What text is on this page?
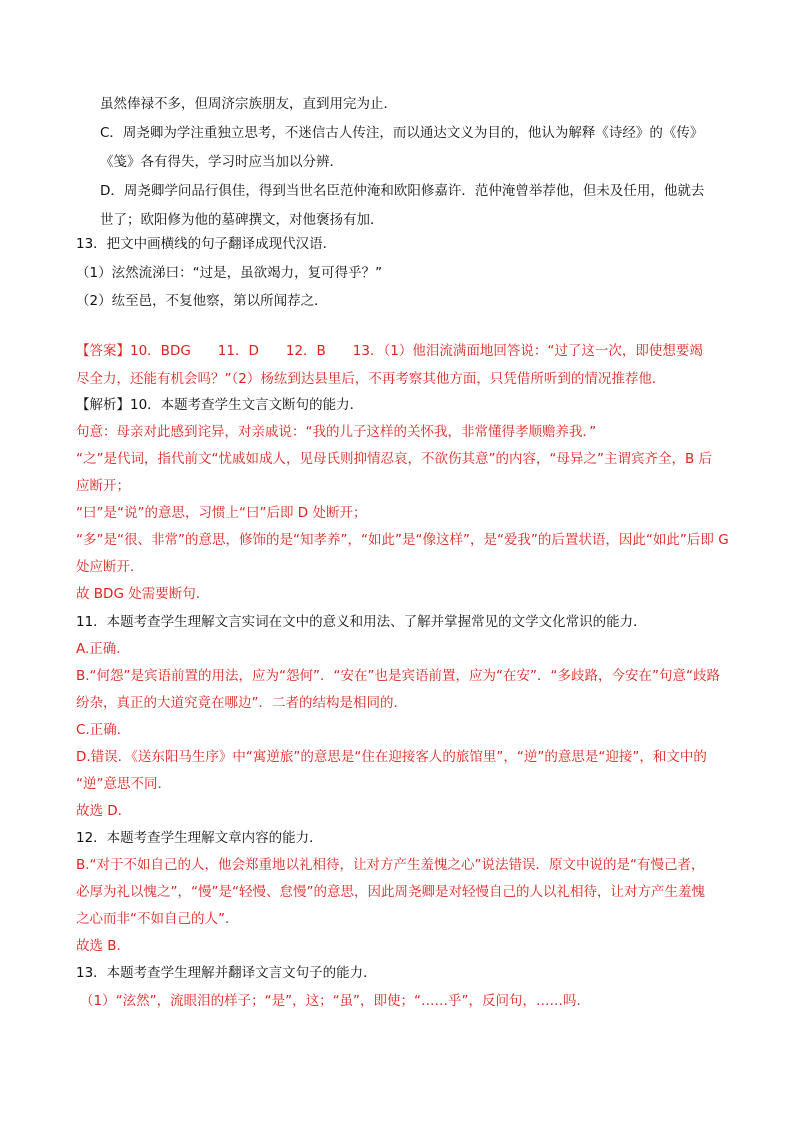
虽然俸禄不多，但周济宗族朋友，直到用完为止．
C．周尧卿为学注重独立思考，不迷信古人传注，而以通达文义为目的，他认为解释《诗经》的《传》
《笺》各有得失，学习时应当加以分辨．
D．周尧卿学问品行俱佳，得到当世名臣范仲淹和欧阳修嘉许．范仲淹曾举荐他，但未及任用，他就去
世了；欧阳修为他的墓碑撰文，对他褒扬有加．
13．把文中画横线的句子翻译成现代汉语．
（1）泫然流涕曰：“过是，虽欲竭力，复可得乎？”
（2）纮至邑，不复他察，第以所闻荐之．
【答案】10．BDG　　11．D　　12．B　　13．（1）他泪流满面地回答说：“过了这一次，即使想要竭
尽全力，还能有机会吗？”（2）杨纮到达县里后，不再考察其他方面，只凭借所听到的情况推荐他．
【解析】10．本题考查学生文言文断句的能力．
句意：母亲对此感到诧异，对亲戚说：“我的儿子这样的关怀我，非常懂得孝顺赡养我．”
“之”是代词，指代前文“忧戚如成人，见母氏则抑情忍哀，不欲伤其意”的内容，“母异之”主谓宾齐全，B 后
应断开；
“曰”是“说”的意思，习惯上“曰”后即 D 处断开；
“多”是“很、非常”的意思，修饰的是“知孝养”，“如此”是“像这样”，是“爱我”的后置状语，因此“如此”后即 G
处应断开．
故 BDG 处需要断句．
11．本题考查学生理解文言实词在文中的意义和用法、了解并掌握常见的文学文化常识的能力．
A.正确．
B.“何怨”是宾语前置的用法，应为“怨何”．“安在”也是宾语前置，应为“在安”．“多歧路，今安在”句意“歧路
纷杂，真正的大道究竟在哪边”．二者的结构是相同的．
C.正确．
D.错误．《送东阳马生序》中“寓逆旅”的意思是“住在迎接客人的旅馆里”，“逆”的意思是“迎接”，和文中的
“逆”意思不同．
故选 D．
12．本题考查学生理解文章内容的能力．
B.“对于不如自己的人，他会郑重地以礼相待，让对方产生羞愧之心”说法错误．原文中说的是“有慢己者，
必厚为礼以愧之”，“慢”是“轻慢、怠慢”的意思，因此周尧卿是对轻慢自己的人以礼相待，让对方产生羞愧
之心而非“不如自己的人”．
故选 B．
13．本题考查学生理解并翻译文言文句子的能力．
（1）“泫然”，流眼泪的样子；“是”，这；“虽”，即使；“……乎”，反问句，……吗．
